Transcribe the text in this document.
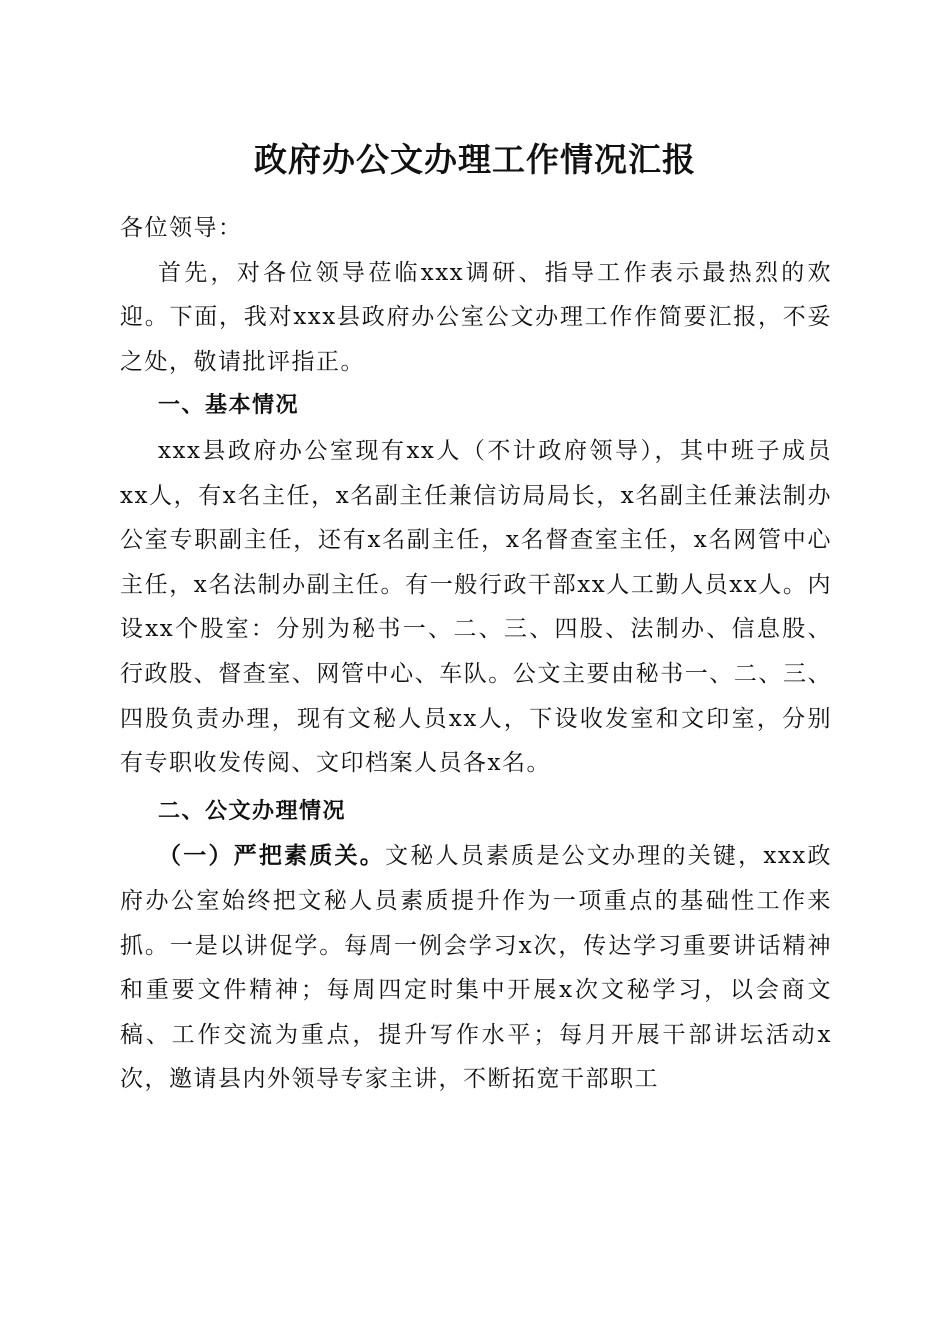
政府办公文办理工作情况汇报

各位领导：

首先，对各位领导莅临xxx调研、指导工作表示最热烈的欢迎。下面，我对xxx县政府办公室公文办理工作作简要汇报，不妥之处，敬请批评指正。

一、基本情况

xxx县政府办公室现有xx人（不计政府领导），其中班子成员xx人，有x名主任，x名副主任兼信访局局长，x名副主任兼法制办公室专职副主任，还有x名副主任，x名督查室主任，x名网管中心主任，x名法制办副主任。有一般行政干部xx人工勤人员xx人。内设xx个股室：分别为秘书一、二、三、四股、法制办、信息股、行政股、督查室、网管中心、车队。公文主要由秘书一、二、三、四股负责办理，现有文秘人员xx人，下设收发室和文印室，分别有专职收发传阅、文印档案人员各x名。

二、公文办理情况

（一）严把素质关。文秘人员素质是公文办理的关键，xxx政府办公室始终把文秘人员素质提升作为一项重点的基础性工作来抓。一是以讲促学。每周一例会学习x次，传达学习重要讲话精神和重要文件精神；每周四定时集中开展x次文秘学习，以会商文稿、工作交流为重点，提升写作水平；每月开展干部讲坛活动x次，邀请县内外领导专家主讲，不断拓宽干部职工
